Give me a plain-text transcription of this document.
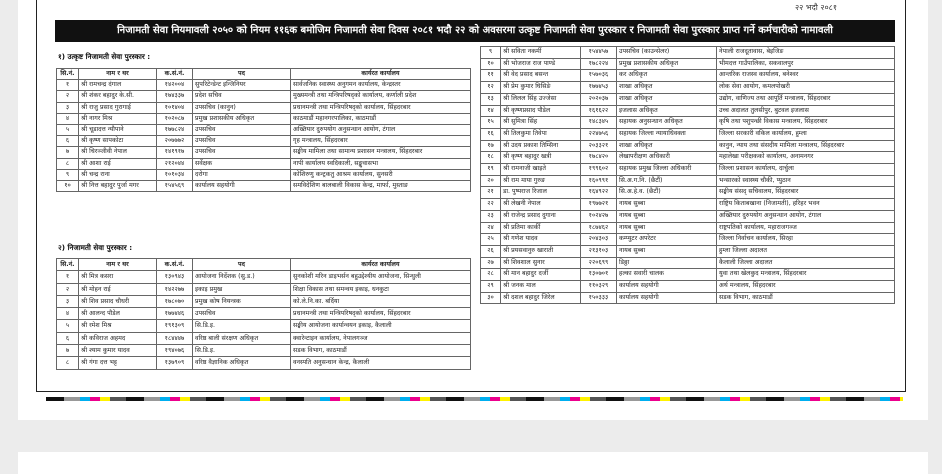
२२ भदौ २०८१
निजामती सेवा नियमावली २०५० को नियम ११६क बमोजिम निजामती सेवा दिवस २०८१ भदौ २२ को अवसरमा उत्कृष्ट निजामती सेवा पुरस्कार र निजामती सेवा पुरस्कार प्राप्त गर्ने कर्मचारीको नामावली
१) उत्कृष्ट निजामती सेवा पुरस्कार :
सि.नं.	नाम र थर	क.सं.नं.	पद	कार्यरत कार्यालय
१	श्री रामचन्द्र दंगाल	१४२००४	सुपरिटेन्डेन्ट इन्जिनियर	सार्वजनिक स्वास्थ्य अनुगमन कार्यालय, केन्द्रस्तर
२	श्री शंकर बहादुर के.सी.	१७४३३७	प्रदेश सचिव	मुख्यमन्त्री तथा मन्त्रिपरिषद्को कार्यालय, कर्णाली प्रदेश
३	श्री राजु प्रसाद गुरागाई	१०१४०४	उपसचिव (कानुन)	प्रधानमन्त्री तथा मन्त्रिपरिषद्को कार्यालय, सिंहदरबार
४	श्री नागर मिश्र	१०२०८७	प्रमुख प्रशासकीय अधिकृत	काठमाडौं महानगरपालिका, काठमाडौं
५	श्री चूडादत्त न्यौपाने	१७७८२४	उपसचिव	अख्तियार दुरुपयोग अनुसन्धान आयोग, टंगाल
६	श्री कृष्ण सापकोटा	२०७७७२	उपसचिव	गृह मन्त्रालय, सिंहदरबार
७	श्री चिरञ्जीवी नेपाल	१४१९१७	उपसचिव	सङ्घीय मामिला तथा सामान्य प्रशासन मन्त्रालय, सिंहदरबार
८	श्री आशा राई	२१२०४४	सर्वेक्षक	नापी कार्यालय स्वदिकाली, सङ्खुवासभा
९	श्री चन्द्र राना	१०१०३४	दरोगा	कोशिरुणु कन्ट्रकतु आश्रम कार्यालय, सुनसरी
१०	श्री नित्त बहादुर पुर्जा मगर	१५४५६९	कार्यालय सहयोगी	समविदेशिण बालबाली विकास केन्द्र, मार्फा, मुस्ताङ
२) निजामती सेवा पुरस्कार :
सि.नं.	नाम र थर	क.सं.नं.	पद	कार्यरत कार्यालय
१	श्री मित्र कसरा	१३०९४३	आयोजना निर्देशक (सु.ड.)	सुनकोशी मरिन डाइभर्सन बहुउद्देश्यीय आयोजना, सिन्धुली
२	श्री मोहन राई	१४२२७७	इकाइ प्रमुख	शिक्षा विकास तथा समन्वय इकाइ, धनकुटा
३	श्री शिव प्रसाद चौधरी	१७८०७०	प्रमुख कोष नियन्त्रक	को.ले.नि.का. बर्दिया
४	श्री आलन्द पौडेल	१७७४४६	उपसचिव	प्रधानमन्त्री तथा मन्त्रिपरिषद्को कार्यालय, सिंहदरबार
५	श्री रमेश मिश्र	१९१३०९	सि.डि.इ.	सङ्घीय आयोजना कार्यान्वयन इकाइ, कैलाली
६	श्री कविराज अहमद	१८४४४७	वरिष्ठ बाली संरक्षण अधिकृत	क्वारेन्टाइन कार्यालय, नेपालगञ्ज
७	श्री श्याम कुमार यादव	१९४०७६	सि.डि.इ.	सडक विभाग, काठमाडौं
८	श्री गंगा दत्त भट्ट	१३७९०९	वरिष्ठ वैज्ञानिक अधिकृत	वनस्पति अनुसन्धान केन्द्र, कैलाली
९	श्री सविता नकर्मी	१५४४५७	उपसचिव (काउन्सेलर)	नेपाली राजदूतावास, बेइजिङ
१०	श्री भोजराज राज पाण्डे	१७८२२४	प्रमुख प्रशासकीय अधिकृत	भीमदत्त गाउँपालिका, सकवालपुर
११	श्री वेद प्रसाद बसन्त	१५७०३६	कर अधिकृत	आन्तरिक राजस्व कार्यालय, बनेश्वर
१२	श्री प्रेम कुमार घिसिङे	१७७४५३	शाखा अधिकृत	लोक सेवा आयोग, कमलपोखरी
१३	श्री लिलल सिंह उज्जेसा	२०२०३७	शाखा अधिकृत	उद्योग, वाणिज्य तथा आपूर्ति मन्त्रालय, सिंहदरबार
१४	श्री कृष्णप्रसाद पौडेल	१६१६२२	इजलास अधिकृत	उच्च अदालत तुलसीपुर, बुटवल इजलास
१५	श्री सुमित्रा सिंह	१४८३४५	सहायक अनुसन्धान अधिकृत	कृषि तथा पशुपन्छी विकास मन्त्रालय, सिंहदरबार
१६	श्री तिलकुमा तिवेपा	२२४७५६	सहायक जिल्ला न्यायाधिवक्ता	जिल्ला सरकारी वकिल कार्यालय, हुम्ला
१७	श्री उदय प्रकाश तिम्सिना	२०३३२१	शाखा अधिकृत	कानुन, न्याय तथा संसदीय मामिला मन्त्रालय, सिंहदरबार
१८	श्री कृष्ण बहादुर खत्री	१७८४२०	लेखापरीक्षण अधिकारी	महालेखा परीक्षकको कार्यालय, अनामनगर
१९	श्री रामनाजी खाइते	१९९६०२	सहायक प्रमुख जिल्ला अधिकारी	जिल्ला प्रशासन कार्यालय, दार्चुला
२०	श्री राम माया गुरुङ	१६०९९१	सि.अ.ग.नि. (छैटौं)	भन्सारको स्वास्थ्य चौकी, प्युठान
२१	डा. पुष्पराज रिजाल	१६४९२२	सि.अ.हे.व. (छैटौं)	सङ्घीय संसद् सचिवालय, सिंहदरबार
२२	श्री लेखनी नेपाल	१९७७२१	नायब सुब्बा	राष्ट्रिय किताबखाना (निजामती), हरिहर भवन
२३	श्री राजेन्द्र प्रसाद दुगाना	१०२४२७	नायब सुब्बा	अख्तियार दुरुपयोग अनुसन्धान आयोग, टंगाल
२४	श्री प्रतिमा कार्की	१८७४६२	नायब सुब्बा	राष्ट्रपतिको कार्यालय, महाराजगञ्ज
२५	श्री गणेश यादव	२०४३०३	कम्प्युटर अपरेटर	जिल्ला निर्वाचन कार्यालय, सिरहा
२६	श्री प्रयसवानुरु खाराती	२१३१०३	नायब सुब्बा	हुम्ला जिल्ला अदालत
२७	श्री शिवशाल सुनार	२२०६९९	डिठ्ठा	कैलाली जिल्ला अदालत
२८	श्री मान बहादुर दर्जी	१३०७०१	हल्का सवारी चालक	युवा तथा खेलकुद मन्त्रालय, सिंहदरबार
२९	श्री जनक माल	११०३२९	कार्यालय सहयोगी	अर्थ मन्त्रालय, सिंहदरबार
३०	श्री दशल बहादुर जिरेल	१५०३३३	कार्यालय सहयोगी	सडक विभाग, काठमाडौं
